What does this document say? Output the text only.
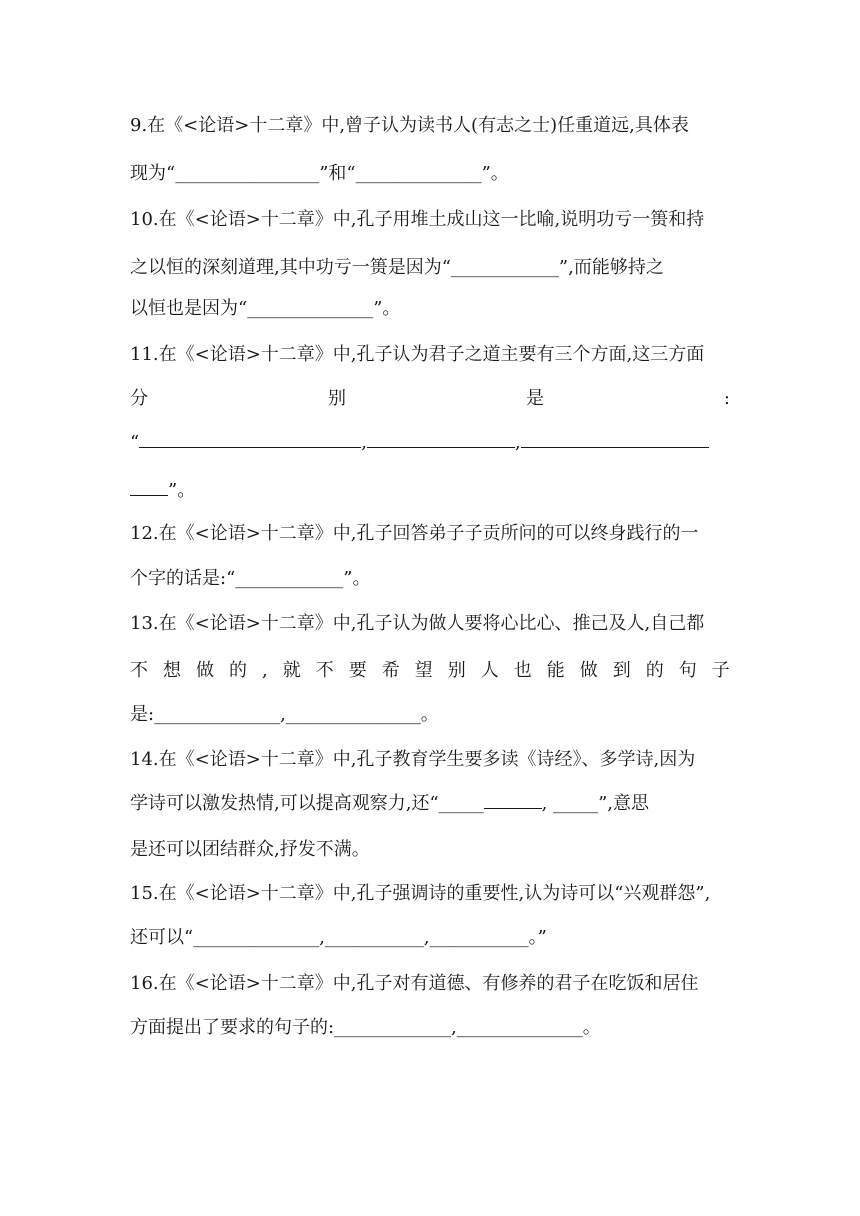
9.在《<论语>十二章》中,曾子认为读书人(有志之士)任重道远,具体表
现为“________________”和“______________”。
10.在《<论语>十二章》中,孔子用堆土成山这一比喻,说明功亏一篑和持
之以恒的深刻道理,其中功亏一篑是因为“____________”,而能够持之
以恒也是因为“______________”。
11.在《<论语>十二章》中,孔子认为君子之道主要有三个方面,这三方面
分	别	是	:
“	,	,
”。
12.在《<论语>十二章》中,孔子回答弟子子贡所问的可以终身践行的一
个字的话是:“____________”。
13.在《<论语>十二章》中,孔子认为做人要将心比心、推己及人,自己都
不 想 做 的 , 就 不 要 希 望 别 人 也 能 做 到 的 句 子
是:______________,_______________。
14.在《<论语>十二章》中,孔子教育学生要多读《诗经》、多学诗,因为
学诗可以激发热情,可以提高观察力,还“_____	, _____”,意思
是还可以团结群众,抒发不满。
15.在《<论语>十二章》中,孔子强调诗的重要性,认为诗可以“兴观群怨”,
还可以“______________,___________,___________。”
16.在《<论语>十二章》中,孔子对有道德、有修养的君子在吃饭和居住
方面提出了要求的句子的:_____________,______________。
